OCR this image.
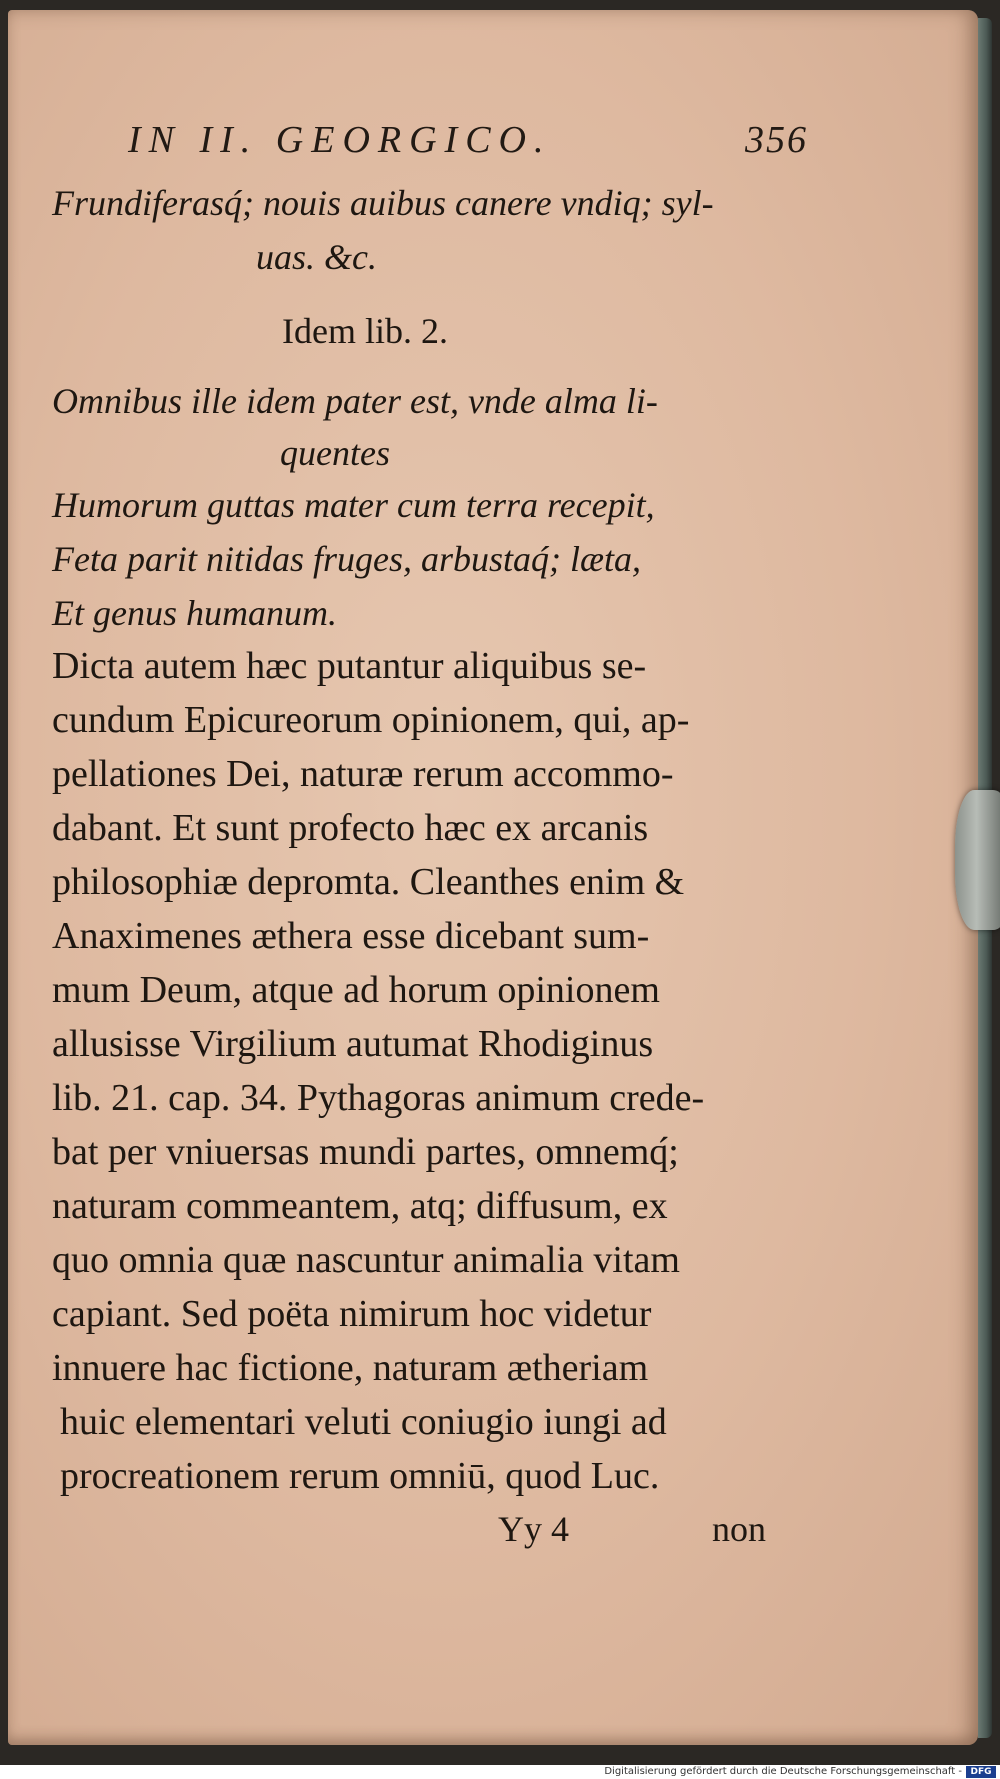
IN II. GEORGICO.	356
Frundiferasq́; nouis auibus canere vndiq; syl-
uas. &c.
Idem lib. 2.
Omnibus ille idem pater est, vnde alma li-
quentes
Humorum guttas mater cum terra recepit,
Feta parit nitidas fruges, arbustaq́; læta,
Et genus humanum.
Dicta autem hæc putantur aliquibus se-
cundum Epicureorum opinionem, qui, ap-
pellationes Dei, naturæ rerum accommo-
dabant. Et sunt profecto hæc ex arcanis
philosophiæ depromta. Cleanthes enim &
Anaximenes æthera esse dicebant sum-
mum Deum, atque ad horum opinionem
allusisse Virgilium autumat Rhodiginus
lib. 21. cap. 34. Pythagoras animum crede-
bat per vniuersas mundi partes, omnemq́;
naturam commeantem, atq; diffusum, ex
quo omnia quæ nascuntur animalia vitam
capiant. Sed poëta nimirum hoc videtur
innuere hac fictione, naturam ætheriam
huic elementari veluti coniugio iungi ad
procreationem rerum omniū, quod Luc.
Yy 4	non
Digitalisierung gefördert durch die Deutsche Forschungsgemeinschaft - DFG
